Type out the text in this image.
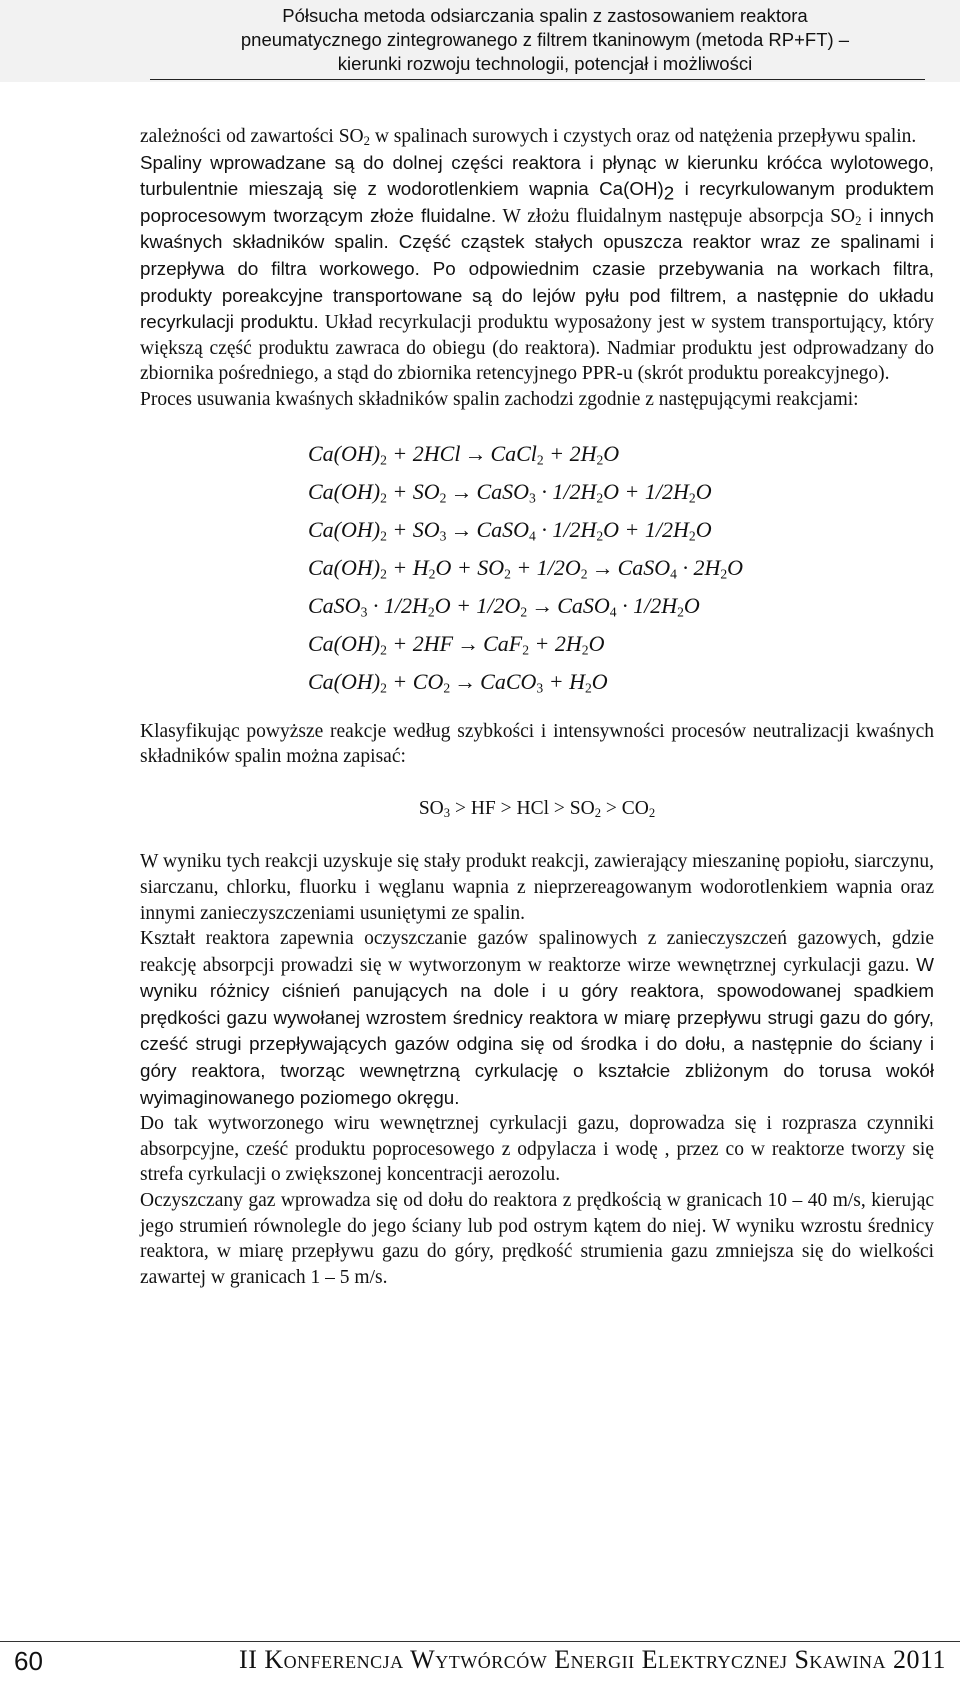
Półsucha metoda odsiarczania spalin z zastosowaniem reaktora
pneumatycznego zintegrowanego z filtrem tkaninowym (metoda RP+FT) –
kierunki rozwoju technologii, potencjał i możliwości

zależności od zawartości $SO_2$ w spalinach surowych i czystych oraz od natężenia przepływu spalin.

Spaliny wprowadzane są do dolnej części reaktora i płynąc w kierunku króćca wylotowego, turbulentnie mieszają się z wodorotlenkiem wapnia $Ca(OH)_2$ i recyrkulowanym produktem poprocesowym tworzącym złoże fluidalne. W złożu fluidalnym następuje absorpcja $SO_2$ i innych kwaśnych składników spalin. Część cząstek stałych opuszcza reaktor wraz ze spalinami i przepływa do filtra workowego. Po odpowiednim czasie przebywania na workach filtra, produkty poreakcyjne transportowane są do lejów pyłu pod filtrem, a następnie do układu recyrkulacji produktu. Układ recyrkulacji produktu wyposażony jest w system transportujący, który większą część produktu zawraca do obiegu (do reaktora). Nadmiar produktu jest odprowadzany do zbiornika pośredniego, a stąd do zbiornika retencyjnego PPR-u (skrót produktu poreakcyjnego).

Proces usuwania kwaśnych składników spalin zachodzi zgodnie z następującymi reakcjami:

$Ca(OH)_2 + 2HCl$ → CaCl$_2$ + $2H_2O$
$Ca(OH)_2 + SO_2$ → CaSO$_3$ · $1/2H_2O + 1/2H_2O$
$Ca(OH)_2 + SO_3$ → CaSO$_4$ · $1/2H_2O + 1/2H_2O$
$Ca(OH)_2 + H_2O + SO_2 + 1/2O_2$ → CaSO$_4$ · $2H_2O$
CaSO$_3$ · $1/2H_2O + 1/2O_2$ → CaSO$_4$ · $1/2H_2O$
$Ca(OH)_2 + 2HF \to CaF_2 + 2H_2O$
$Ca(OH)_2 + CO_2$ → CaCO$_3$ + $H_2O$

Klasyfikując powyższe reakcje według szybkości i intensywności procesów neutralizacji kwaśnych składników spalin można zapisać:

$SO_3$ > HF > HCl > $SO_2 > CO_2$

W wyniku tych reakcji uzyskuje się stały produkt reakcji, zawierający mieszaninę popiołu, siarczynu, siarczanu, chlorku, fluorku i węglanu wapnia z nieprzereagowanym wodorotlenkiem wapnia oraz innymi zanieczyszczeniami usuniętymi ze spalin.

Kształt reaktora zapewnia oczyszczanie gazów spalinowych z zanieczyszczeń gazowych, gdzie reakcję absorpcji prowadzi się w wytworzonym w reaktorze wirze wewnętrznej cyrkulacji gazu. W wyniku różnicy ciśnień panujących na dole i u góry reaktora, spowodowanej spadkiem prędkości gazu wywołanej wzrostem średnicy reaktora w miarę przepływu strugi gazu do góry, cześć strugi przepływających gazów odgina się od środka i do dołu, a następnie do ściany i góry reaktora, tworząc wewnętrzną cyrkulację o kształcie zbliżonym do torusa wokół wyimaginowanego poziomego okręgu.

Do tak wytworzonego wiru wewnętrznej cyrkulacji gazu, doprowadza się i rozprasza czynniki absorpcyjne, cześć produktu poprocesowego z odpylacza i wodę , przez co w reaktorze tworzy się strefa cyrkulacji o zwiększonej koncentracji aerozolu.

Oczyszczany gaz wprowadza się od dołu do reaktora z prędkością w granicach 10 – 40 m/s, kierując jego strumień równolegle do jego ściany lub pod ostrym kątem do niej. W wyniku wzrostu średnicy reaktora, w miarę przepływu gazu do góry, prędkość strumienia gazu zmniejsza się do wielkości zawartej w granicach 1 – 5 m/s.

60	II Konferencja Wytwórców Energii Elektrycznej Skawina 2011
